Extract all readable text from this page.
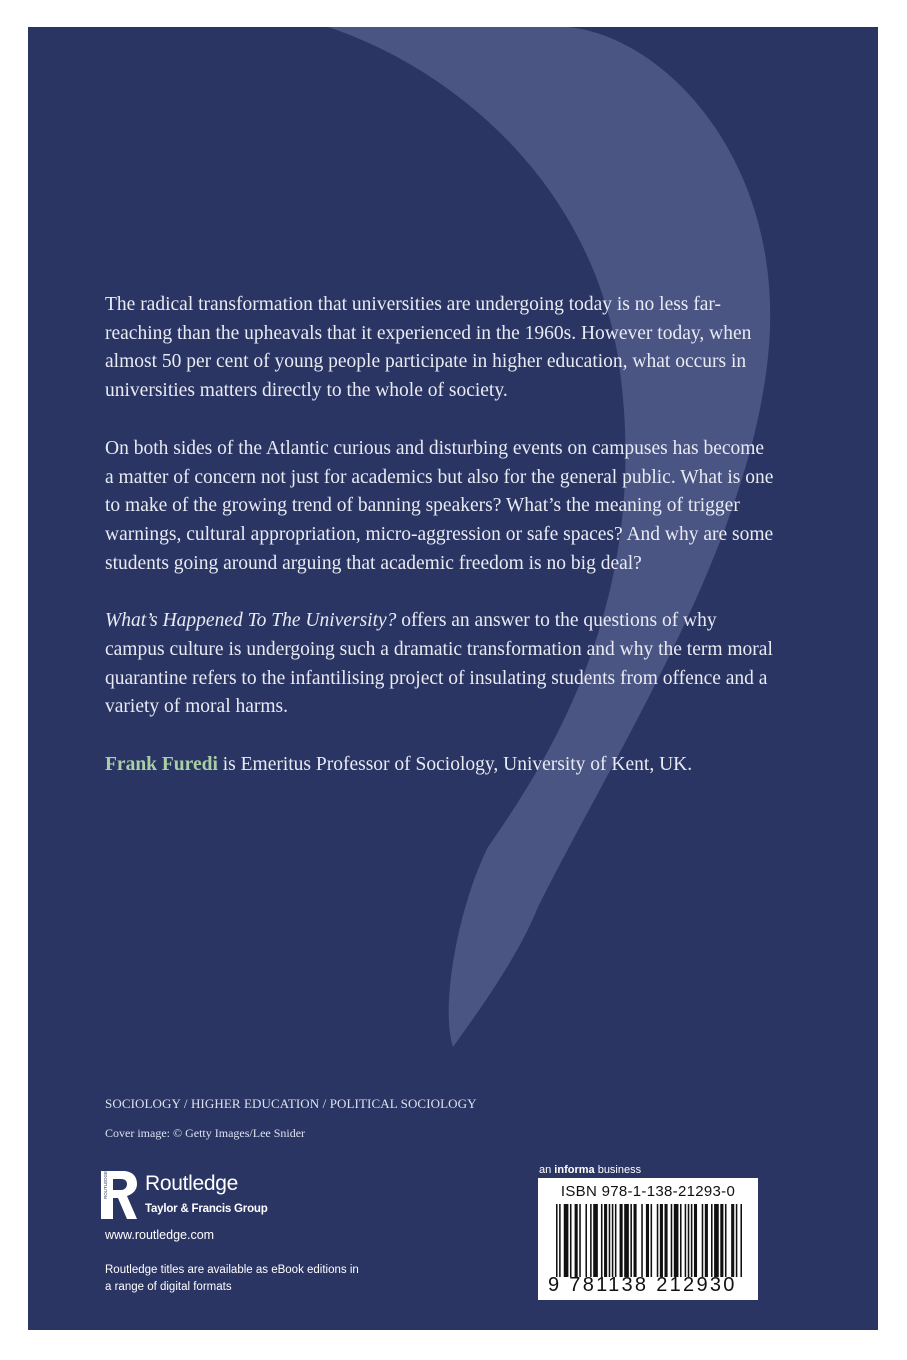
The radical transformation that universities are undergoing today is no less far-reaching than the upheavals that it experienced in the 1960s. However today, when almost 50 per cent of young people participate in higher education, what occurs in universities matters directly to the whole of society.

On both sides of the Atlantic curious and disturbing events on campuses has become a matter of concern not just for academics but also for the general public. What is one to make of the growing trend of banning speakers? What’s the meaning of trigger warnings, cultural appropriation, micro-aggression or safe spaces? And why are some students going around arguing that academic freedom is no big deal?

What’s Happened To The University? offers an answer to the questions of why campus culture is undergoing such a dramatic transformation and why the term moral quarantine refers to the infantilising project of insulating students from offence and a variety of moral harms.

Frank Furedi is Emeritus Professor of Sociology, University of Kent, UK.

SOCIOLOGY / HIGHER EDUCATION / POLITICAL SOCIOLOGY
Cover image: © Getty Images/Lee Snider
ROUTLEDGE Routledge
Taylor & Francis Group
www.routledge.com
Routledge titles are available as eBook editions in a range of digital formats
an informa business
ISBN 978-1-138-21293-0
9 781138 212930
